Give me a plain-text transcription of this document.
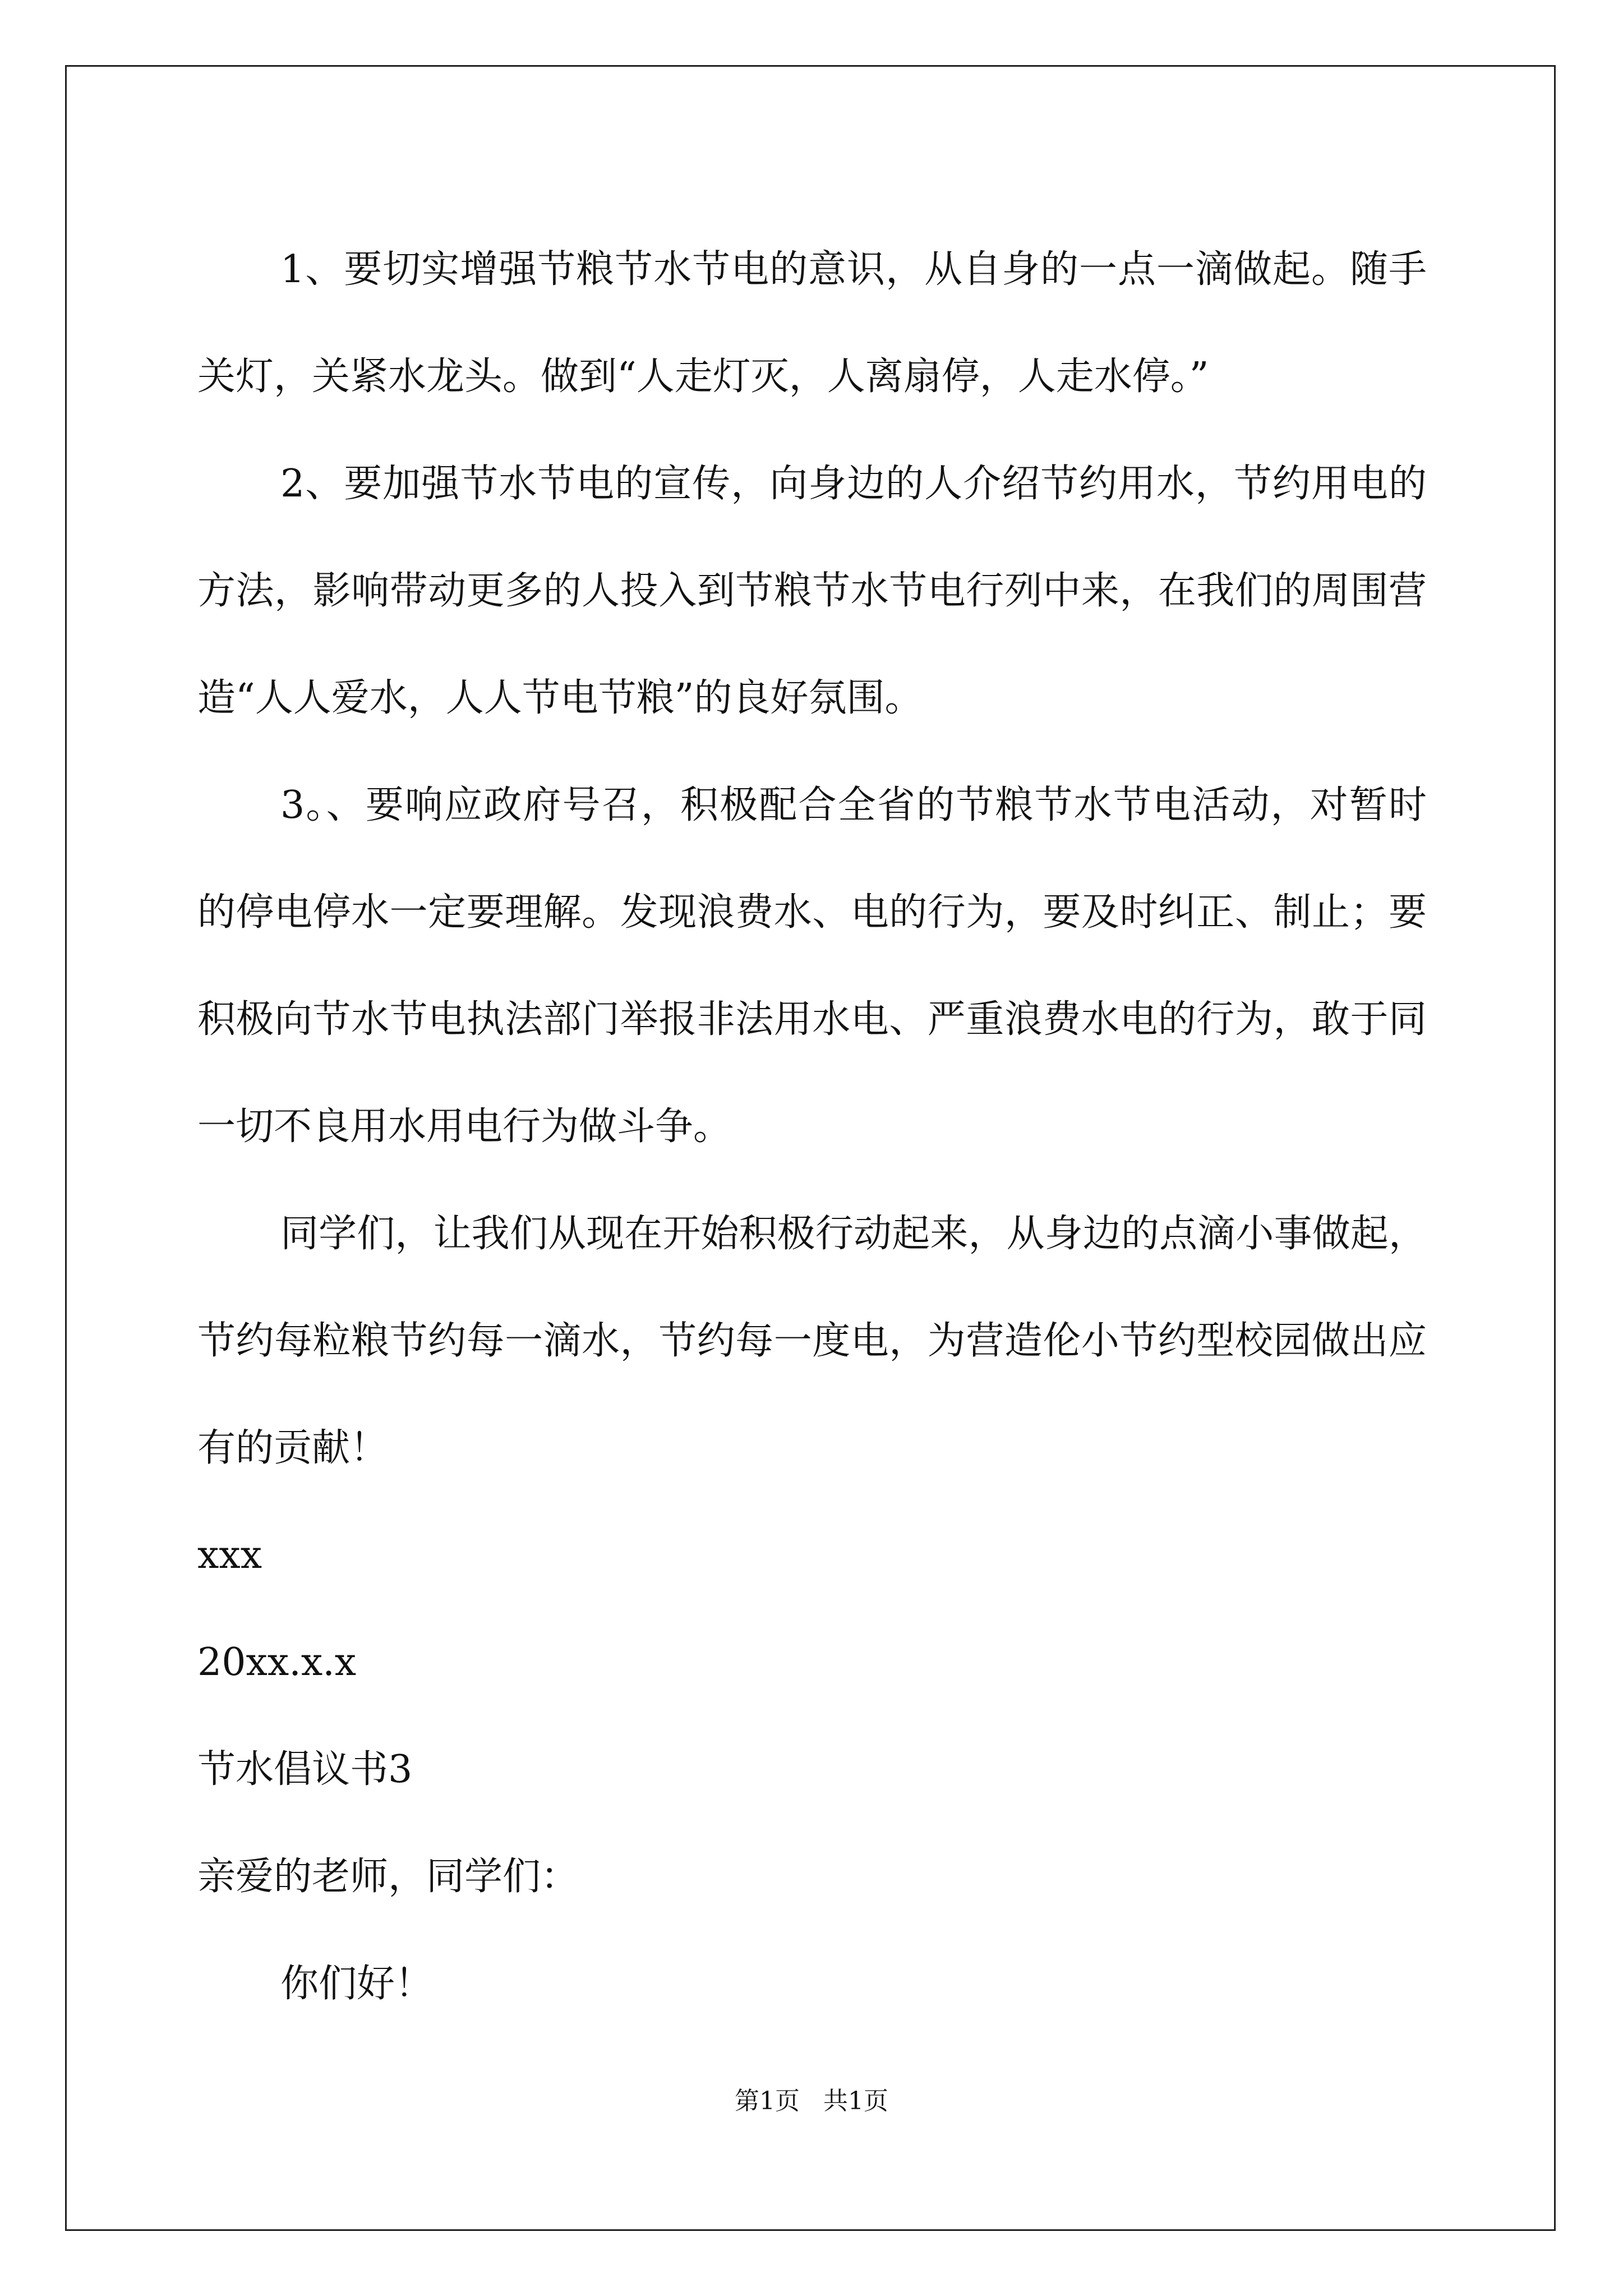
1、要切实增强节粮节水节电的意识，从自身的一点一滴做起。随手关灯，关紧水龙头。做到“人走灯灭，人离扇停，人走水停。”

2、要加强节水节电的宣传，向身边的人介绍节约用水，节约用电的方法，影响带动更多的人投入到节粮节水节电行列中来，在我们的周围营造“人人爱水，人人节电节粮”的良好氛围。

3。、要响应政府号召，积极配合全省的节粮节水节电活动，对暂时的停电停水一定要理解。发现浪费水、电的行为，要及时纠正、制止；要积极向节水节电执法部门举报非法用水电、严重浪费水电的行为，敢于同一切不良用水用电行为做斗争。

同学们，让我们从现在开始积极行动起来，从身边的点滴小事做起，节约每粒粮节约每一滴水，节约每一度电，为营造伦小节约型校园做出应有的贡献！

xxx

20xx.x.x

节水倡议书3

亲爱的老师，同学们：

你们好！

第1页   共1页
